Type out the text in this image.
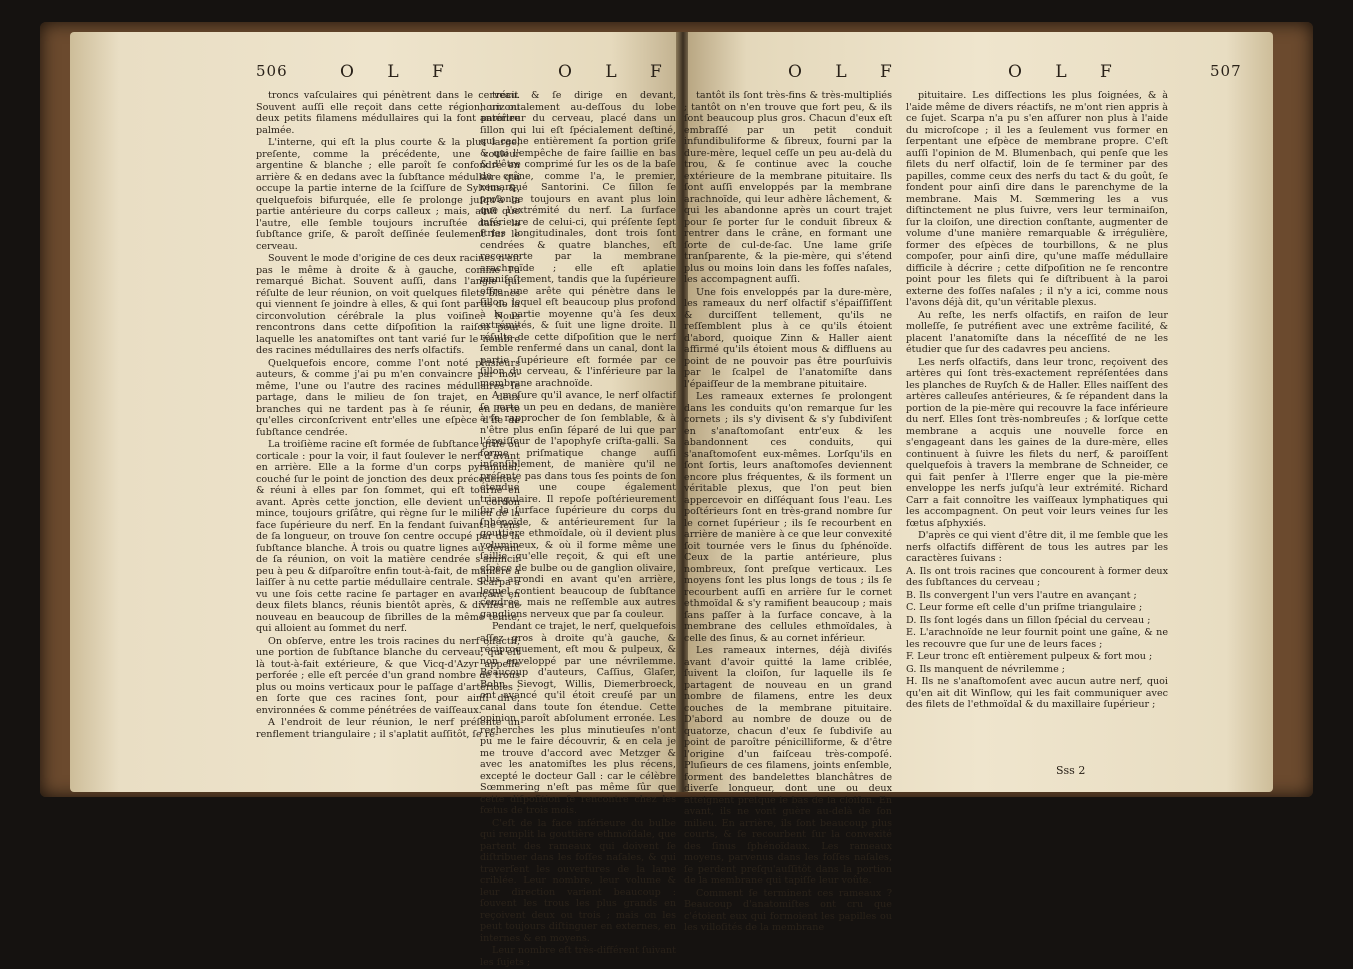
506	O L F	O L F

troncs vaſculaires qui pénètrent dans le cerveau. Souvent auſſi elle reçoit dans cette région, un ou deux petits filamens médullaires qui la font paroître palmée.

L'interne, qui eſt la plus courte & la plus large, preſente, comme la précédente, une couleur argentine & blanche ; elle paroît ſe confondre en arrière & en dedans avec la ſubſtance médullaire qui occupe la partie interne de la ſciſſure de Sylvius, &, quelquefois bifurquée, elle ſe prolonge juſqu'à la partie antérieure du corps calleux ; mais, ainſi que l'autre, elle ſemble toujours incruſtée dans la ſubſtance griſe, & paroît deſſinée ſeulement ſur le cerveau.

Souvent le mode d'origine de ces deux racines n'eſt pas le même à droite & à gauche, comme l'a remarqué Bichat. Souvent auſſi, dans l'angle qui réſulte de leur réunion, on voit quelques filets blancs qui viennent ſe joindre à elles, & qui ſont partis de la circonvolution cérébrale la plus voiſine. Nous rencontrons dans cette diſpoſition la raiſon pour laquelle les anatomiſtes ont tant varié ſur le nombre des racines médullaires des nerfs olfactifs.

Quelquefois encore, comme l'ont noté plusieurs auteurs, & comme j'ai pu m'en convaincre par moi-même, l'une ou l'autre des racines médullaires ſe partage, dans le milieu de ſon trajet, en deux branches qui ne tardent pas à ſe réunir, en ſorte qu'elles circonſcrivent entr'elles une eſpèce d'île de ſubſtance cendrée.

La troiſième racine eſt formée de ſubſtance griſe ou corticale : pour la voir, il faut ſoulever le nerf d'avant en arrière. Elle a la forme d'un corps pyramidal, couché ſur le point de jonction des deux précédentes, & réuni à elles par ſon ſommet, qui eſt tourné en avant. Après cette jonction, elle devient un cordon mince, toujours griſâtre, qui règne ſur le milieu de la face ſupérieure du nerf. En la fendant ſuivant le ſens de ſa longueur, on trouve ſon centre occupé par de la ſubſtance blanche. À trois ou quatre lignes au-devant de ſa réunion, on voit la matière cendrée s'amincir peu à peu & diſparoître enfin tout-à-fait, de manière à laiſſer à nu cette partie médullaire centrale. Scarpa a vu une ſois cette racine ſe partager en avançant en deux filets blancs, réunis bientôt après, & diviſés de nouveau en beaucoup de ſibrilles de la même teinte, qui alloient au ſommet du nerf.

On obſerve, entre les trois racines du nerf olfactif, une portion de ſubſtance blanche du cerveau, qui eſt là tout-à-fait extérieure, & que Vicq-d'Azyr appelle perforée ; elle eſt percée d'un grand nombre de trous plus ou moins verticaux pour le paſſage d'artérioles ; en ſorte que ces racines ſont, pour ainſi dire, environnées & comme pénétrées de vaiſſeaux.

A l'endroit de leur réunion, le nerf préſente un renflement triangulaire ; il s'aplatit auſſitôt, ſe ré-

trécit & ſe dirige en devant, horizontalement au-deſſous du lobe antérieur du cerveau, placé dans un ſillon qui lui eſt ſpécialement deſtiné, qui cache entièrement ſa portion griſe & qui l'empêche de faire ſaillie en bas & d'être comprimé ſur les os de la baſe du crâne, comme l'a, le premier, remarqué Santorini. Ce ſillon ſe prolonge toujours en avant plus loin que l'extrémité du nerf. La ſurface inférieure de celui-ci, qui préſente ſept ſtries longitudinales, dont trois ſont cendrées & quatre blanches, eſt recouverte par la membrane arachnoïde ; elle eſt aplatie manifeſtement, tandis que la ſupérieure offre une arête qui pénètre dans le ſillon, lequel eſt beaucoup plus profond à la partie moyenne qu'à ſes deux extrémités, & ſuit une ligne droite. Il réſulte de cette diſpoſition que le nerf ſemble renfermé dans un canal, dont la partie ſupérieure eſt formée par ce ſillon du cerveau, & l'inférieure par la membrane arachnoïde.

A meſure qu'il avance, le nerf olfactif ſe porte un peu en dedans, de manière à ſe rapprocher de ſon ſemblable, & à n'être plus enſin ſéparé de lui que par l'épaiſſeur de l'apophyſe criſta-galli. Sa forme priſmatique change auſſi inſenſiblement, de manière qu'il ne préſente pas dans tous ſes points de ſon étendue une coupe également triangulaire. Il repoſe poſtérieurement ſur la ſurface ſupérieure du corps du ſphénoïde, & antérieurement ſur la gouttière ethmoïdale, où il devient plus volumineux, & où il forme même une ſaillie qu'elle reçoit, & qui eſt une eſpèce de bulbe ou de ganglion olivaire, plus arrondi en avant qu'en arrière, lequel contient beaucoup de ſubſtance cendrée, mais ne reſſemble aux autres ganglions nerveux que par ſa couleur.

Pendant ce trajet, le nerf, quelquefois aſſez gros à droite qu'à gauche, & réciproquement, eſt mou & pulpeux, & non enveloppé par une névrilemme. Beaucoup d'auteurs, Caſſius, Glaſer, Bohn, Sievogt, Willis, Diemerbroeck, ont avancé qu'il étoit creuſé par un canal dans toute ſon étendue. Cette opinion paroît abſolument erronée. Les recherches les plus minutieuſes n'ont pu me le faire découvrir, & en cela je me trouve d'accord avec Metzger & avec les anatomiſtes les plus récens, excepté le docteur Gall : car le célèbre Sœmmering n'eſt pas même ſûr que cette diſpoſition ſe rencontre chez les fœtus de trois mois.

C'eſt de la face inférieure du bulbe qui remplit la gouttière ethmoïdale, que partent des rameaux qui doivent ſe diſtribuer dans les foſſes naſales, & qui traverſent les ouvertures de la lame criblée. Leur nombre, leur volume & leur direction varient beaucoup : ſouvent les trous les plus grands en reçoivent deux ou trois ; mais on les peut toujours diſtinguer en externes, en internes & en moyens.

Leur nombre eſt très-différent ſuivant les ſujets ;

O L F	O L F	507

tantôt ils ſont très-fins & très-multipliés ; tantôt on n'en trouve que fort peu, & ils ſont beaucoup plus gros. Chacun d'eux eſt embraſſé par un petit conduit infundibuliforme & ſibreux, fourni par la dure-mère, lequel ceſſe un peu au-delà du trou, & ſe continue avec la couche extérieure de la membrane pituitaire. Ils ſont auſſi enveloppés par la membrane arachnoïde, qui leur adhère lâchement, & qui les abandonne après un court trajet pour ſe porter ſur le conduit ſibreux & rentrer dans le crâne, en formant une ſorte de cul-de-ſac. Une lame griſe tranſparente, & la pie-mère, qui s'étend plus ou moins loin dans les foſſes naſales, les accompagnent auſſi.

Une fois enveloppés par la dure-mère, les rameaux du nerf olfactif s'épaiſſiſſent & durciſſent tellement, qu'ils ne reſſemblent plus à ce qu'ils étoient d'abord, quoique Zinn & Haller aient affirmé qu'ils étoient mous & diffluens au point de ne pouvoir pas être pourſuivis par le ſcalpel de l'anatomiſte dans l'épaiſſeur de la membrane pituitaire.

Les rameaux externes ſe prolongent dans les conduits qu'on remarque ſur les cornets ; ils s'y divisent & s'y ſubdiviſent en s'anaſtomoſant entr'eux & les abandonnent ces conduits, qui s'anaſtomoſent eux-mêmes. Lorſqu'ils en ſont ſortis, leurs anaſtomoſes deviennent encore plus fréquentes, & ils forment un véritable plexus, que l'on peut bien appercevoir en diſſéquant ſous l'eau. Les poſtérieurs ſont en très-grand nombre ſur le cornet ſupérieur ; ils ſe recourbent en arrière de manière à ce que leur convexité ſoit tournée vers le ſinus du ſphénoïde. Ceux de la partie antérieure, plus nombreux, ſont preſque verticaux. Les moyens ſont les plus longs de tous ; ils ſe recourbent auſſi en arrière ſur le cornet ethmoïdal & s'y ramifient beaucoup ; mais ſans paſſer à la ſurface concave, à la membrane des cellules ethmoïdales, à celle des ſinus, & au cornet inférieur.

Les rameaux internes, déjà diviſés avant d'avoir quitté la lame criblée, ſuivent la cloiſon, ſur laquelle ils ſe partagent de nouveau en un grand nombre de filamens, entre les deux couches de la membrane pituitaire. D'abord au nombre de douze ou de quatorze, chacun d'eux ſe ſubdiviſe au point de paroître pénicilliforme, & d'être l'origine d'un faiſceau très-compoſé. Pluſieurs de ces filamens, joints enſemble, forment des bandelettes blanchâtres de diverſe longueur, dont une ou deux atteignent preſque le bas de la cloiſon. En avant, ils ne vont guère au-delà de ſon milieu. En arrière, ils ſont beaucoup plus courts, & ſe recourbent ſur la convexité des ſinus ſphénoïdaux. Les rameaux moyens, parvenus dans les foſſes naſales, ſe perdent preſqu'auſſitôt dans la portion de la membrane qui tapiſſe leur voûte.

Comment ſe terminent ces rameaux ? Beaucoup d'anatomiſtes ont cru que c'étoient eux qui formoient les papilles ou les villoſités de la membrane

pituitaire. Les diſſections les plus ſoignées, & à l'aide même de divers réactifs, ne m'ont rien appris à ce ſujet. Scarpa n'a pu s'en aſſurer non plus à l'aide du microſcope ; il les a ſeulement vus former en ſerpentant une eſpèce de membrane propre. C'eſt auſſi l'opinion de M. Blumenbach, qui penſe que les filets du nerf olfactif, loin de ſe terminer par des papilles, comme ceux des nerfs du tact & du goût, ſe fondent pour ainſi dire dans le parenchyme de la membrane. Mais M. Sœmmering les a vus diſtinctement ne plus ſuivre, vers leur terminaiſon, ſur la cloiſon, une direction conſtante, augmenter de volume d'une manière remarquable & irrégulière, former des eſpèces de tourbillons, & ne plus compoſer, pour ainſi dire, qu'une maſſe médullaire difficile à décrire ; cette diſpoſition ne ſe rencontre point pour les filets qui ſe diſtribuent à la paroi externe des foſſes naſales ; il n'y a ici, comme nous l'avons déjà dit, qu'un véritable plexus.

Au reſte, les nerfs olfactifs, en raiſon de leur molleſſe, ſe putréfient avec une extrême facilité, & placent l'anatomiſte dans la néceſſité de ne les étudier que ſur des cadavres peu anciens.

Les nerfs olfactifs, dans leur tronc, reçoivent des artères qui ſont très-exactement repréſentées dans les planches de Ruyſch & de Haller. Elles naiſſent des artères calleuſes antérieures, & ſe répandent dans la portion de la pie-mère qui recouvre la face inférieure du nerf. Elles ſont très-nombreuſes ; & lorſque cette membrane a acquis une nouvelle force en s'engageant dans les gaines de la dure-mère, elles continuent à ſuivre les filets du nerf, & paroiſſent quelquefois à travers la membrane de Schneider, ce qui fait penſer à l'Ilerre enger que la pie-mère enveloppe les nerfs juſqu'à leur extrémité. Richard Carr a fait connoître les vaiſſeaux lymphatiques qui les accompagnent. On peut voir leurs veines ſur les fœtus aſphyxiés.

D'après ce qui vient d'être dit, il me ſemble que les nerfs olfactifs diffèrent de tous les autres par les caractères ſuivans :

A. Ils ont trois racines que concourent à former deux des ſubſtances du cerveau ;

B. Ils convergent l'un vers l'autre en avançant ;

C. Leur forme eſt celle d'un priſme triangulaire ;

D. Ils ſont logés dans un ſillon ſpécial du cerveau ;

E. L'arachnoïde ne leur fournit point une gaîne, & ne les recouvre que ſur une de leurs faces ;

F. Leur tronc eſt entièrement pulpeux & fort mou ;

G. Ils manquent de névrilemme ;

H. Ils ne s'anaſtomoſent avec aucun autre nerf, quoi qu'en ait dit Winſlow, qui les fait communiquer avec des filets de l'ethmoïdal & du maxillaire ſupérieur ;

Sss 2
